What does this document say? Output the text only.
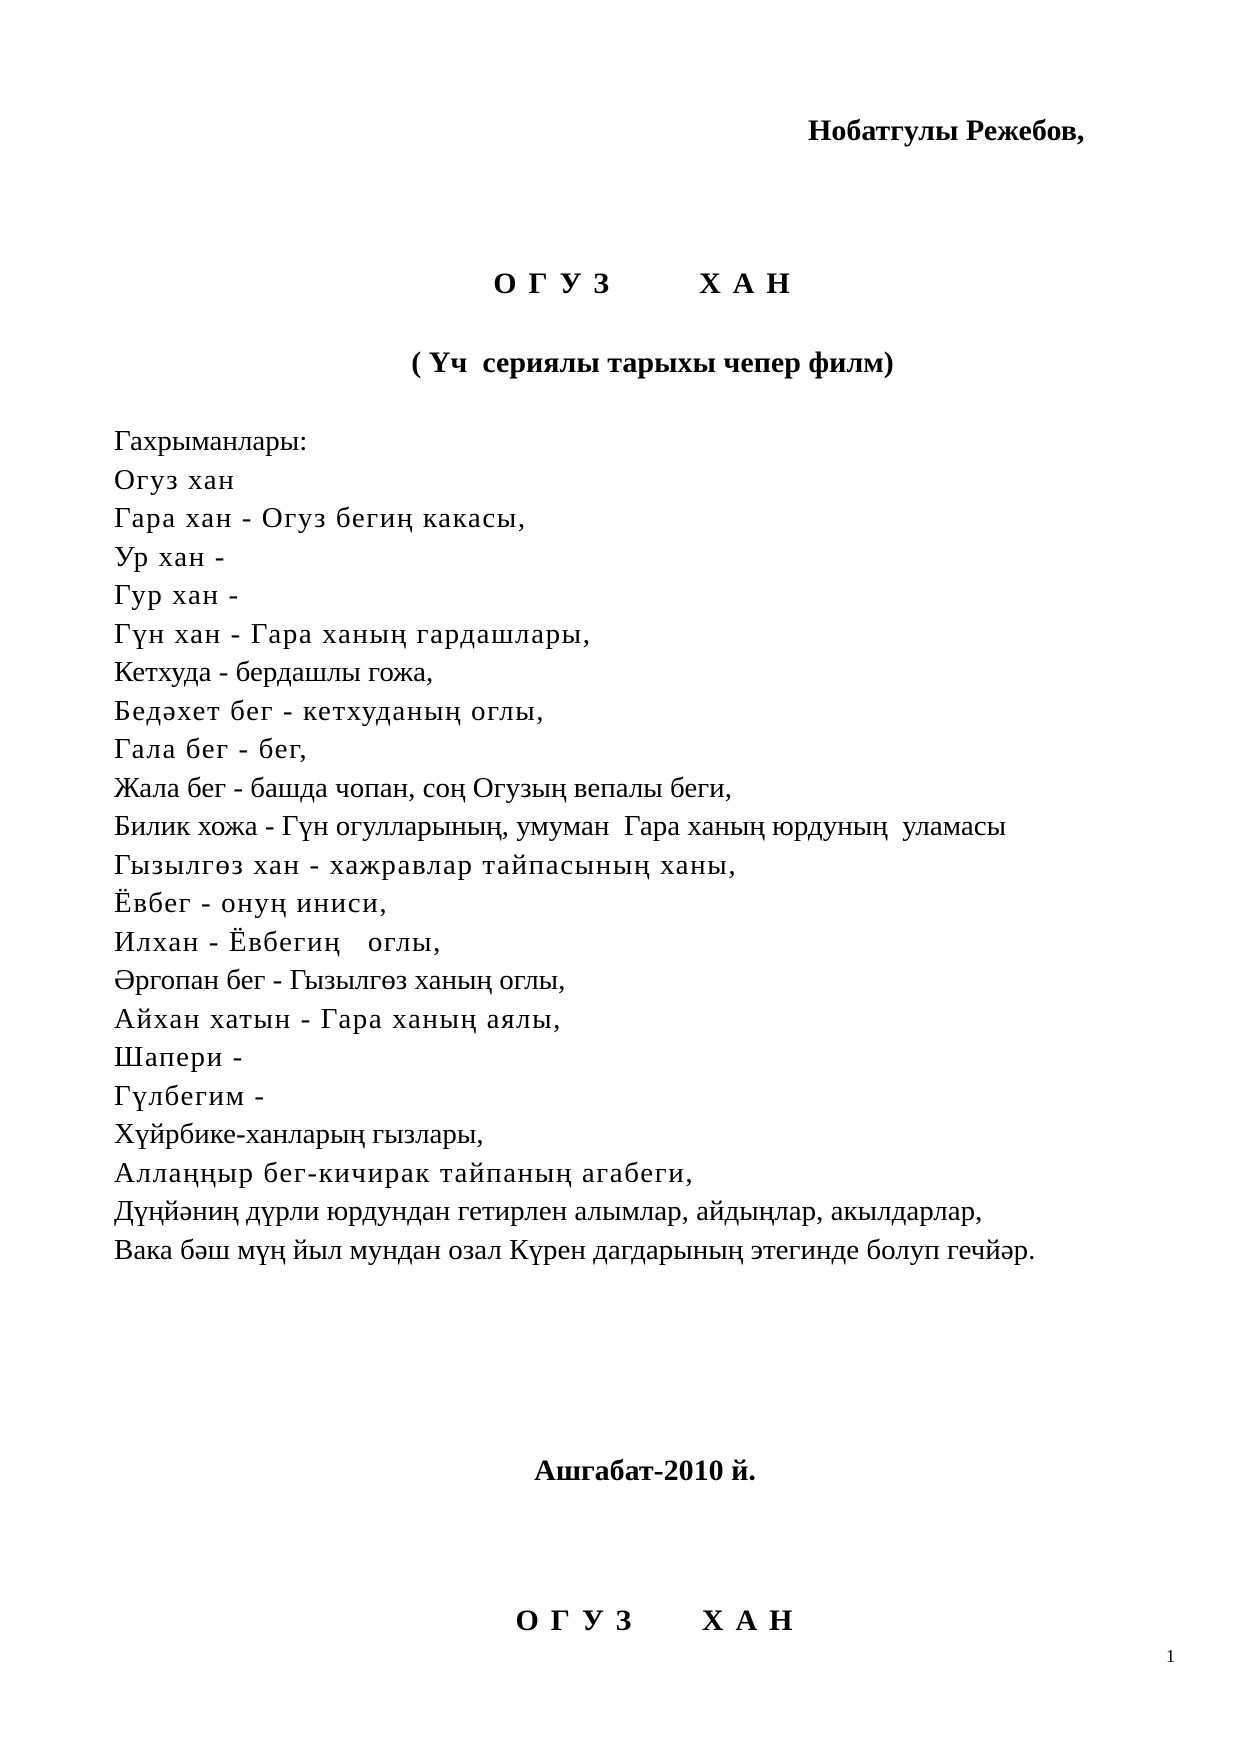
Нобатгулы Режебов,
ОГУЗ    ХАН
( Үч  сериялы тарыхы чепер филм)
Гахрыманлары:
Огуз хан
Гара хан - Огуз бегиң какасы,
Ур хан -
Гур хан -
Гүн хан - Гара ханың гардашлары,
Кетхуда - бердашлы гожа,
Бедәхет бег - кетхуданың оглы,
Гала бег - бег,
Жала бег - башда чопан, соң Огузың вепалы беги,
Билик хожа - Гүн огулларының, умуман  Гара ханың юрдуның  уламасы
Гызылгөз хан - хажравлар тайпасының ханы,
Ёвбег - онуң иниси,
Илхан - Ёвбегиң   оглы,
Әргопан бег - Гызылгөз ханың оглы,
Айхан хатын - Гара ханың аялы,
Шапери -
Гүлбегим -
Хүйрбике-ханларың гызлары,
Аллаңңыр бег-кичирак тайпаның агабеги,
Дүңйәниң дүрли юрдундан гетирлен алымлар, айдыңлар, акылдарлар,
Вака бәш мүң йыл мундан озал Күрен дагдарының этегинде болуп гечйәр.
Ашгабат-2010 й.
ОГУЗ   ХАН
1
